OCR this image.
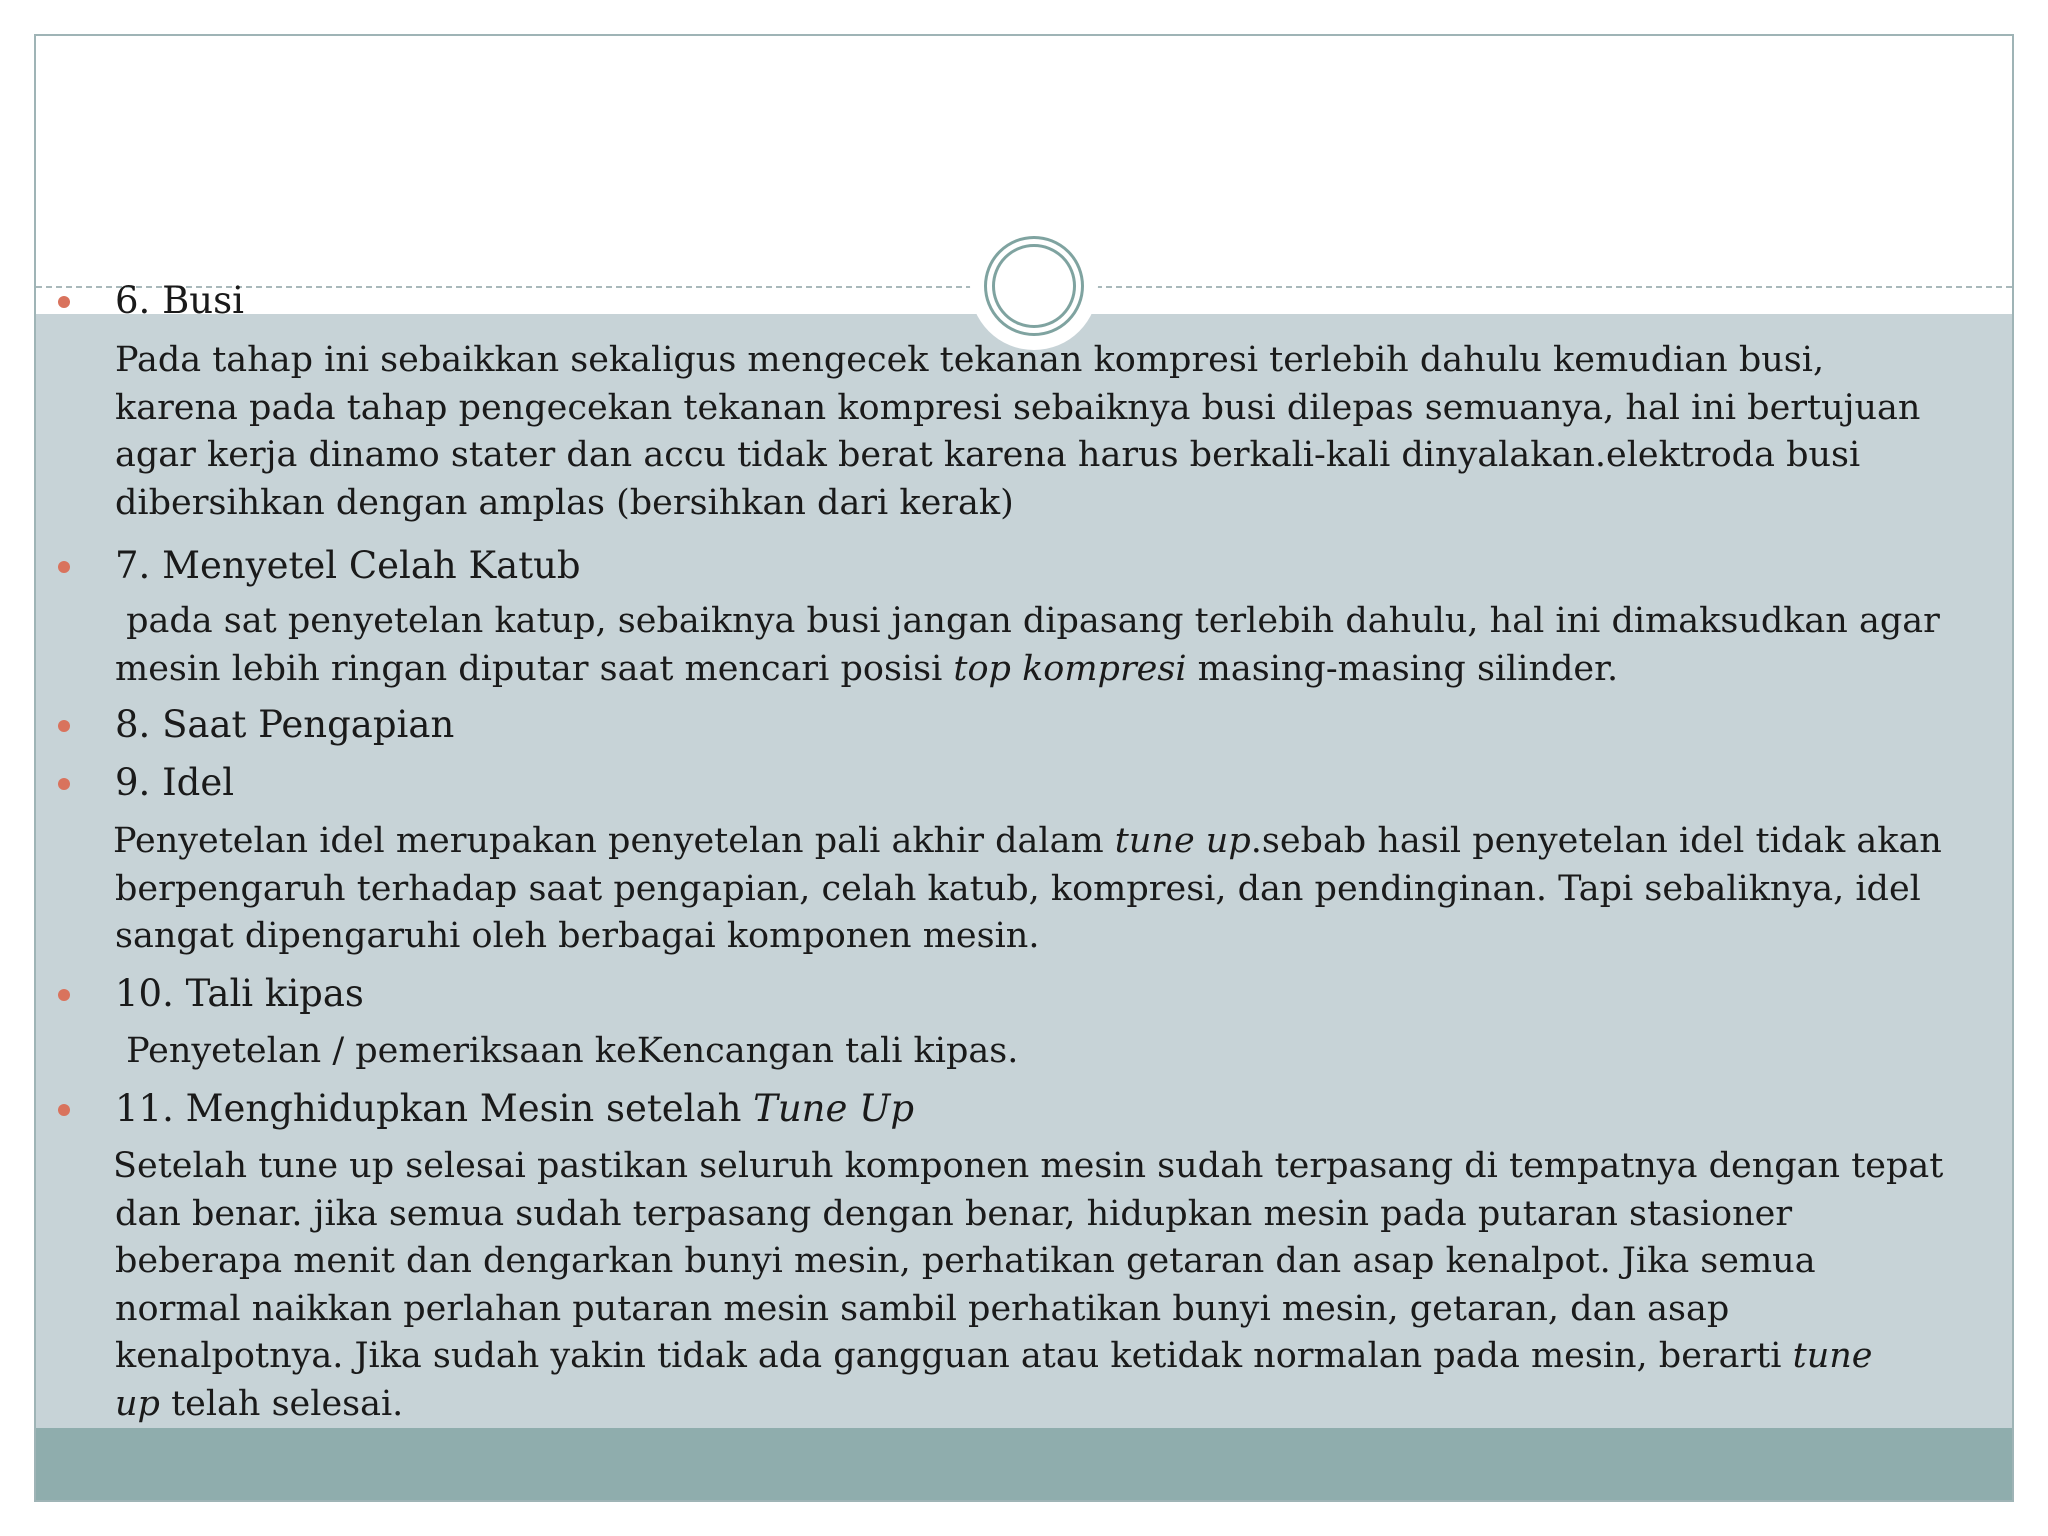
6. Busi
Pada tahap ini sebaikkan sekaligus mengecek tekanan kompresi terlebih dahulu kemudian busi,
karena pada tahap pengecekan tekanan kompresi sebaiknya busi dilepas semuanya, hal ini bertujuan
agar kerja dinamo stater dan accu tidak berat karena harus berkali-kali dinyalakan.elektroda busi
dibersihkan dengan amplas (bersihkan dari kerak)
7. Menyetel Celah Katub
pada sat penyetelan katup, sebaiknya busi jangan dipasang terlebih dahulu, hal ini dimaksudkan agar
mesin lebih ringan diputar saat mencari posisi top kompresi masing-masing silinder.
8. Saat Pengapian
9. Idel
Penyetelan idel merupakan penyetelan pali akhir dalam tune up.sebab hasil penyetelan idel tidak akan
berpengaruh terhadap saat pengapian, celah katub, kompresi, dan pendinginan. Tapi sebaliknya, idel
sangat dipengaruhi oleh berbagai komponen mesin.
10. Tali kipas
Penyetelan / pemeriksaan keKencangan tali kipas.
11. Menghidupkan Mesin setelah Tune Up
Setelah tune up selesai pastikan seluruh komponen mesin sudah terpasang di tempatnya dengan tepat
dan benar. jika semua sudah terpasang dengan benar, hidupkan mesin pada putaran stasioner
beberapa menit dan dengarkan bunyi mesin, perhatikan getaran dan asap kenalpot. Jika semua
normal naikkan perlahan putaran mesin sambil perhatikan bunyi mesin, getaran, dan asap
kenalpotnya. Jika sudah yakin tidak ada gangguan atau ketidak normalan pada mesin, berarti tune
up telah selesai.
